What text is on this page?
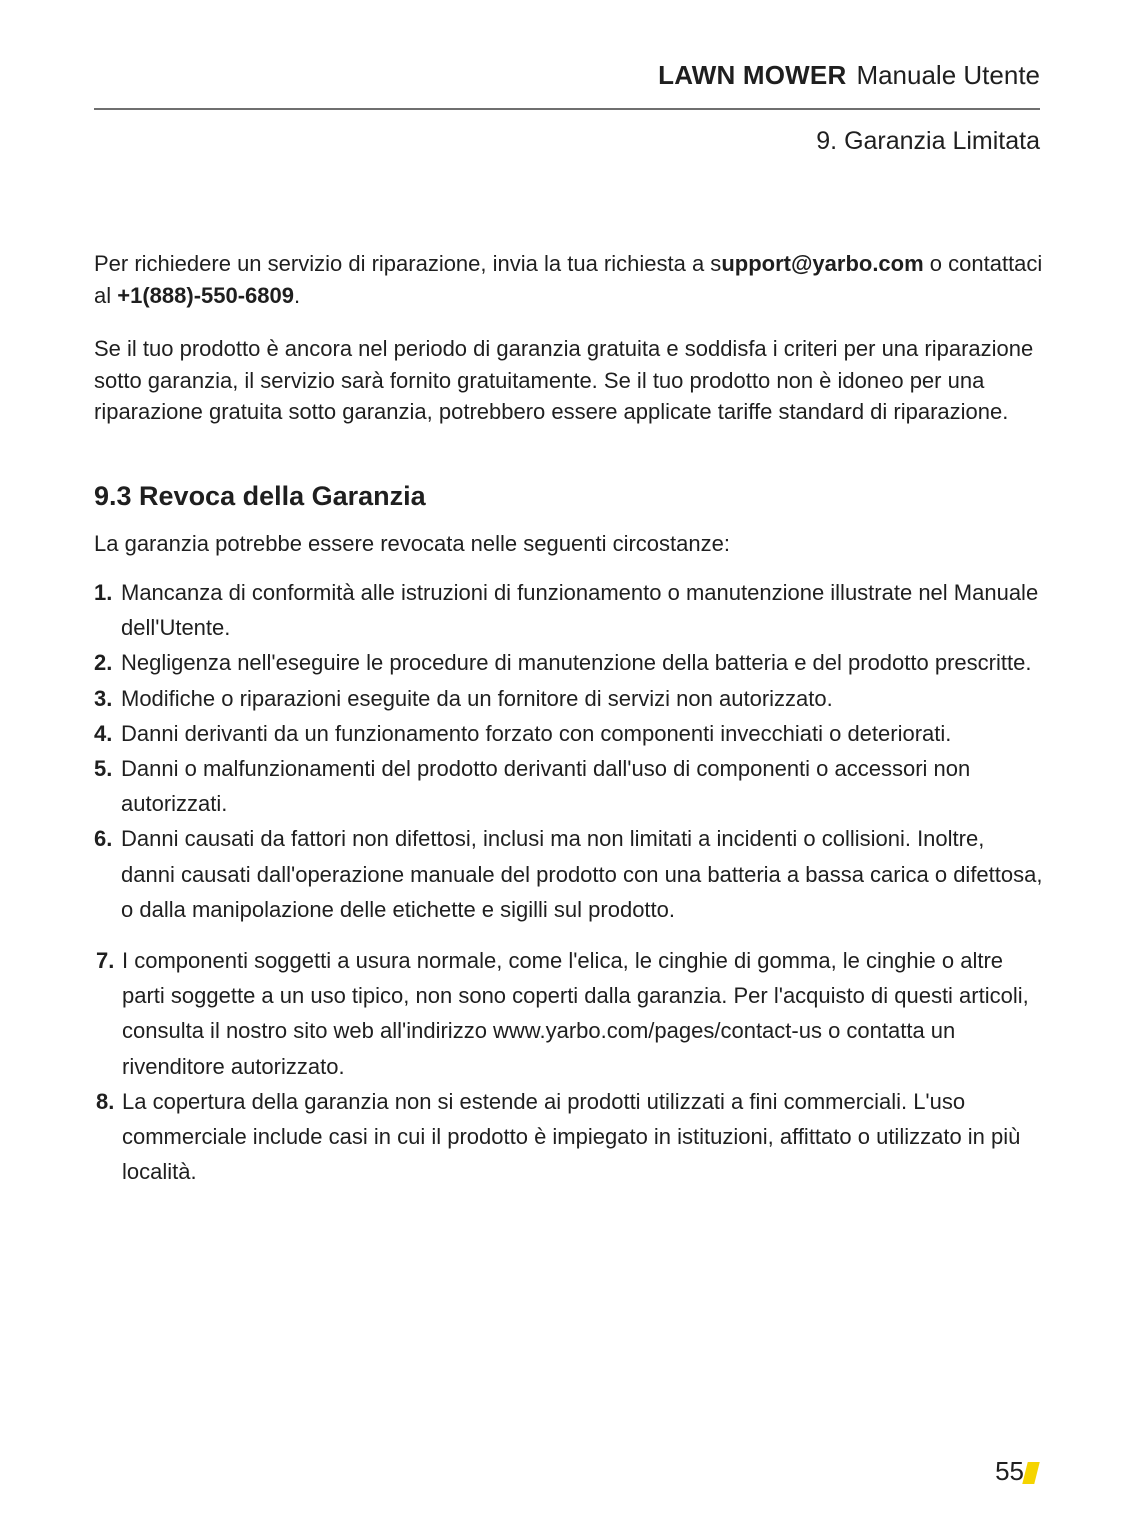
LAWN MOWER Manuale Utente
9. Garanzia Limitata

Per richiedere un servizio di riparazione, invia la tua richiesta a support@yarbo.com o contattaci al +1(888)-550-6809.

Se il tuo prodotto è ancora nel periodo di garanzia gratuita e soddisfa i criteri per una riparazione sotto garanzia, il servizio sarà fornito gratuitamente. Se il tuo prodotto non è idoneo per una riparazione gratuita sotto garanzia, potrebbero essere applicate tariffe standard di riparazione.

9.3 Revoca della Garanzia

La garanzia potrebbe essere revocata nelle seguenti circostanze:

1. Mancanza di conformità alle istruzioni di funzionamento o manutenzione illustrate nel Manuale dell'Utente.
2. Negligenza nell'eseguire le procedure di manutenzione della batteria e del prodotto prescritte.
3. Modifiche o riparazioni eseguite da un fornitore di servizi non autorizzato.
4. Danni derivanti da un funzionamento forzato con componenti invecchiati o deteriorati.
5. Danni o malfunzionamenti del prodotto derivanti dall'uso di componenti o accessori non autorizzati.
6. Danni causati da fattori non difettosi, inclusi ma non limitati a incidenti o collisioni. Inoltre, danni causati dall'operazione manuale del prodotto con una batteria a bassa carica o difettosa, o dalla manipolazione delle etichette e sigilli sul prodotto.
7. I componenti soggetti a usura normale, come l'elica, le cinghie di gomma, le cinghie o altre parti soggette a un uso tipico, non sono coperti dalla garanzia. Per l'acquisto di questi articoli, consulta il nostro sito web all'indirizzo www.yarbo.com/pages/contact-us o contatta un rivenditore autorizzato.
8. La copertura della garanzia non si estende ai prodotti utilizzati a fini commerciali. L'uso commerciale include casi in cui il prodotto è impiegato in istituzioni, affittato o utilizzato in più località.
55
